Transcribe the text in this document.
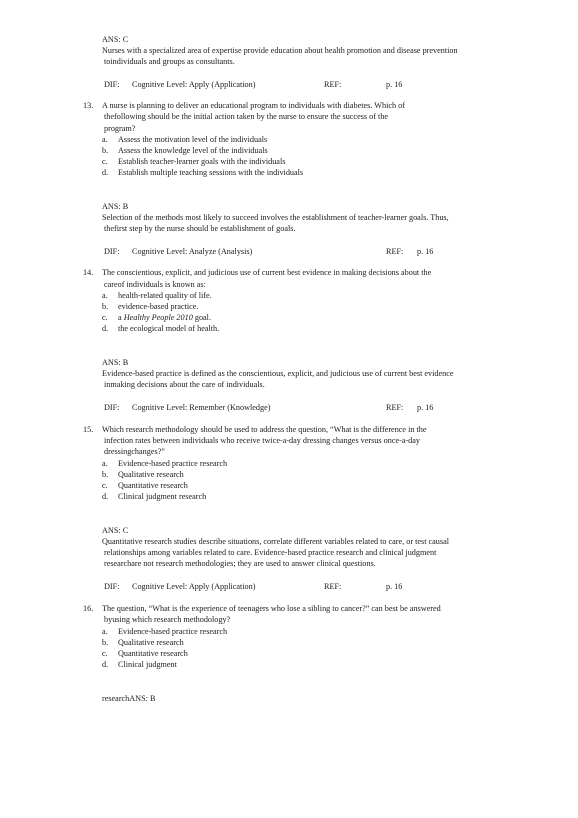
ANS: C
Nurses with a specialized area of expertise provide education about health promotion and disease prevention
toindividuals and groups as consultants.
DIF: Cognitive Level: Apply (Application)	REF:	p. 16
13. A nurse is planning to deliver an educational program to individuals with diabetes. Which of
thefollowing should be the initial action taken by the nurse to ensure the success of the
program?
a. Assess the motivation level of the individuals
b. Assess the knowledge level of the individuals
c. Establish teacher-learner goals with the individuals
d. Establish multiple teaching sessions with the individuals
ANS: B
Selection of the methods most likely to succeed involves the establishment of teacher-learner goals. Thus,
thefirst step by the nurse should be establishment of goals.
DIF: Cognitive Level: Analyze (Analysis)	REF: p. 16
14. The conscientious, explicit, and judicious use of current best evidence in making decisions about the
careof individuals is known as:
a. health-related quality of life.
b. evidence-based practice.
c. a Healthy People 2010 goal.
d. the ecological model of health.
ANS: B
Evidence-based practice is defined as the conscientious, explicit, and judicious use of current best evidence
inmaking decisions about the care of individuals.
DIF: Cognitive Level: Remember (Knowledge)	REF: p. 16
15. Which research methodology should be used to address the question, “What is the difference in the
infection rates between individuals who receive twice-a-day dressing changes versus once-a-day
dressingchanges?”
a. Evidence-based practice research
b. Qualitative research
c. Quantitative research
d. Clinical judgment research
ANS: C
Quantitative research studies describe situations, correlate different variables related to care, or test causal
relationships among variables related to care. Evidence-based practice research and clinical judgment
researchare not research methodologies; they are used to answer clinical questions.
DIF: Cognitive Level: Apply (Application)	REF:	p. 16
16. The question, “What is the experience of teenagers who lose a sibling to cancer?” can best be answered
byusing which research methodology?
a. Evidence-based practice research
b. Qualitative research
c. Quantitative research
d. Clinical judgment
researchANS: B
